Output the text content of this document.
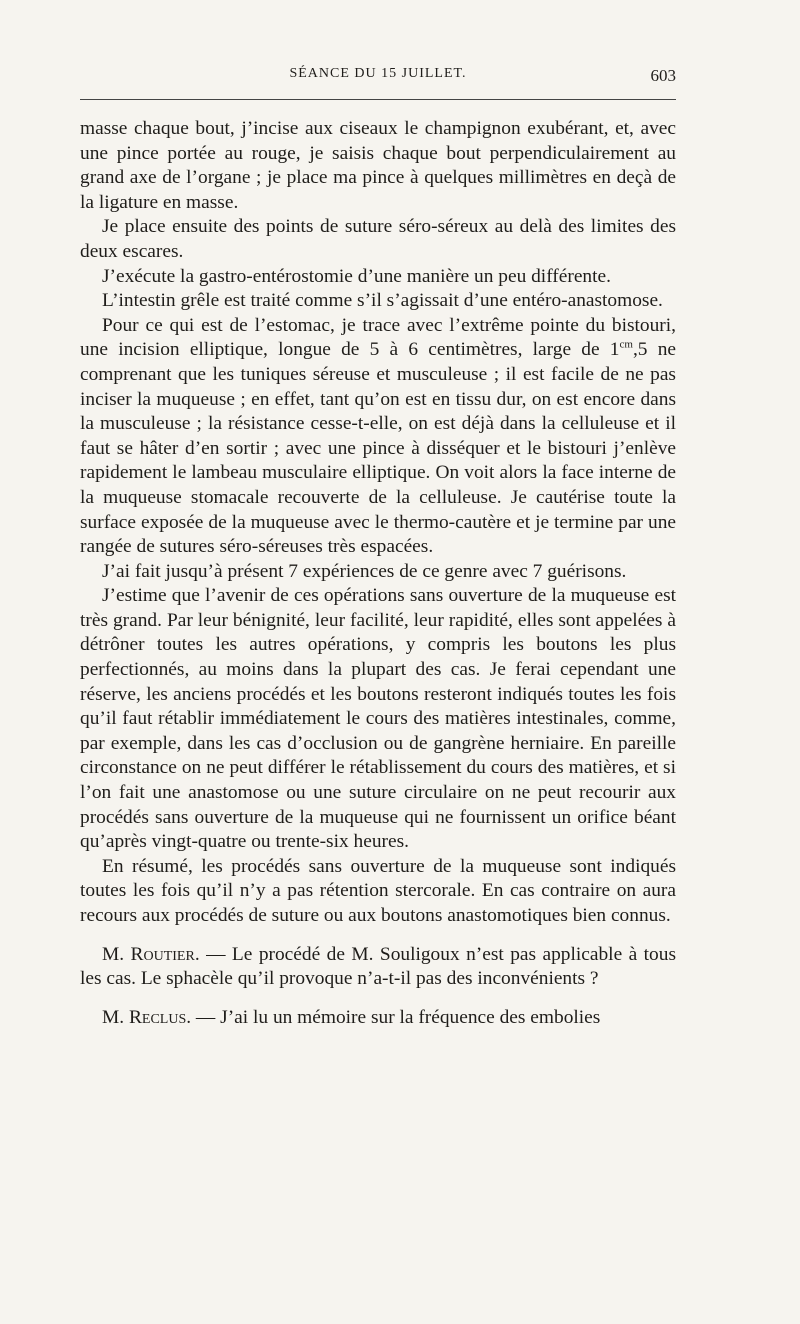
SÉANCE DU 15 JUILLET.	603

masse chaque bout, j’incise aux ciseaux le champignon exubérant, et, avec une pince portée au rouge, je saisis chaque bout perpendiculairement au grand axe de l’organe ; je place ma pince à quelques millimètres en deçà de la ligature en masse.

Je place ensuite des points de suture séro-séreux au delà des limites des deux escares.

J’exécute la gastro-entérostomie d’une manière un peu différente.

L’intestin grêle est traité comme s’il s’agissait d’une entéro-anastomose.

Pour ce qui est de l’estomac, je trace avec l’extrême pointe du bistouri, une incision elliptique, longue de 5 à 6 centimètres, large de $1^{cm},5$ ne comprenant que les tuniques séreuse et musculeuse ; il est facile de ne pas inciser la muqueuse ; en effet, tant qu’on est en tissu dur, on est encore dans la musculeuse ; la résistance cesse-t-elle, on est déjà dans la celluleuse et il faut se hâter d’en sortir ; avec une pince à disséquer et le bistouri j’enlève rapidement le lambeau musculaire elliptique. On voit alors la face interne de la muqueuse stomacale recouverte de la celluleuse. Je cautérise toute la surface exposée de la muqueuse avec le thermo-cautère et je termine par une rangée de sutures séro-séreuses très espacées.

J’ai fait jusqu’à présent 7 expériences de ce genre avec 7 guérisons.

J’estime que l’avenir de ces opérations sans ouverture de la muqueuse est très grand. Par leur bénignité, leur facilité, leur rapidité, elles sont appelées à détrôner toutes les autres opérations, y compris les boutons les plus perfectionnés, au moins dans la plupart des cas. Je ferai cependant une réserve, les anciens procédés et les boutons resteront indiqués toutes les fois qu’il faut rétablir immédiatement le cours des matières intestinales, comme, par exemple, dans les cas d’occlusion ou de gangrène herniaire. En pareille circonstance on ne peut différer le rétablissement du cours des matières, et si l’on fait une anastomose ou une suture circulaire on ne peut recourir aux procédés sans ouverture de la muqueuse qui ne fournissent un orifice béant qu’après vingt-quatre ou trente-six heures.

En résumé, les procédés sans ouverture de la muqueuse sont indiqués toutes les fois qu’il n’y a pas rétention stercorale. En cas contraire on aura recours aux procédés de suture ou aux boutons anastomotiques bien connus.

M. Routier. — Le procédé de M. Souligoux n’est pas applicable à tous les cas. Le sphacèle qu’il provoque n’a-t-il pas des inconvénients ?

M. Reclus. — J’ai lu un mémoire sur la fréquence des embolies
